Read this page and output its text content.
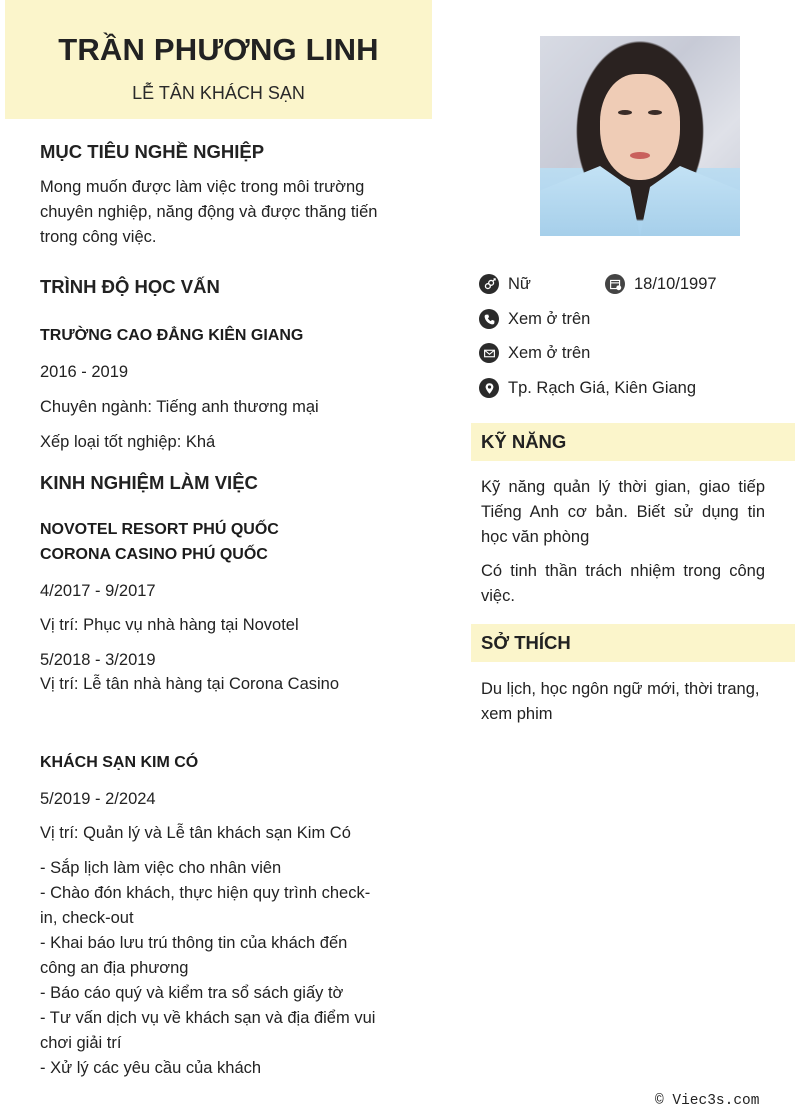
TRẦN PHƯƠNG LINH
LỄ TÂN KHÁCH SẠN
MỤC TIÊU NGHỀ NGHIỆP
Mong muốn được làm việc trong môi trường
chuyên nghiệp, năng động và được thăng tiến
trong công việc.
TRÌNH ĐỘ HỌC VẤN
TRƯỜNG CAO ĐẲNG KIÊN GIANG
2016 - 2019
Chuyên ngành: Tiếng anh thương mại
Xếp loại tốt nghiệp: Khá
KINH NGHIỆM LÀM VIỆC
NOVOTEL RESORT PHÚ QUỐC
CORONA CASINO PHÚ QUỐC
4/2017 - 9/2017
Vị trí: Phục vụ nhà hàng tại Novotel
5/2018 - 3/2019
Vị trí: Lễ tân nhà hàng tại Corona Casino
KHÁCH SẠN KIM CÓ
5/2019 - 2/2024
Vị trí: Quản lý và Lễ tân khách sạn Kim Có
- Sắp lịch làm việc cho nhân viên
- Chào đón khách, thực hiện quy trình check-
in, check-out
- Khai báo lưu trú thông tin của khách đến
công an địa phương
- Báo cáo quý và kiểm tra sổ sách giấy tờ
- Tư vấn dịch vụ về khách sạn và địa điểm vui
chơi giải trí
- Xử lý các yêu cầu của khách
Nữ	18/10/1997
Xem ở trên
Xem ở trên
Tp. Rạch Giá, Kiên Giang
KỸ NĂNG
Kỹ năng quản lý thời gian, giao tiếp Tiếng Anh cơ bản. Biết sử dụng tin học văn phòng
Có tinh thần trách nhiệm trong công việc.
SỞ THÍCH
Du lịch, học ngôn ngữ mới, thời trang,
xem phim
© Viec3s.com
